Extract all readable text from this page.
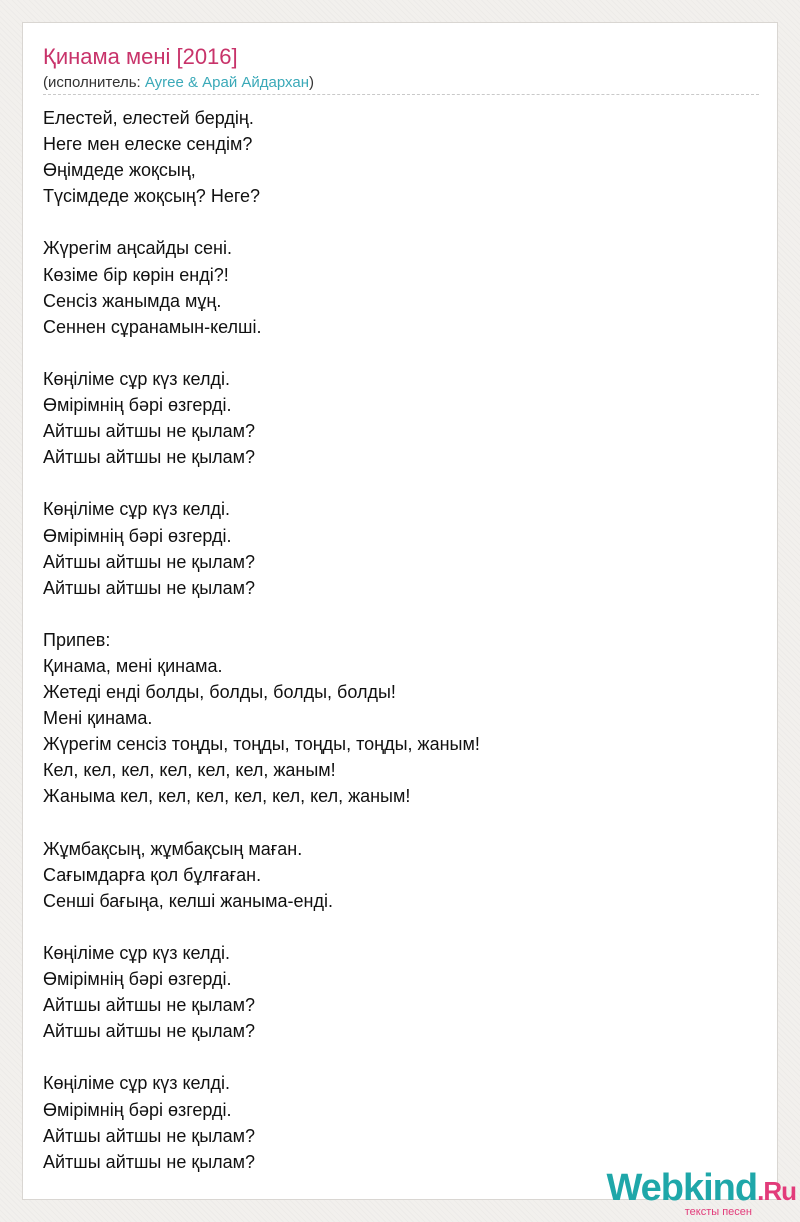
Қинама мені [2016]
(исполнитель: Ayree & Арай Айдархан)
Елестей, елестей бердің.
Неге мен елеске сендім?
Өңімдеде жоқсың,
Түсімдеде жоқсың? Неге?
Жүрегім аңсайды сені.
Көзіме бір көрін енді?!
Сенсіз жанымда мұң.
Сеннен сұранамын-келші.
Көңіліме сұр күз келді.
Өмірімнің бәрі өзгерді.
Айтшы айтшы не қылам?
Айтшы айтшы не қылам?
Көңіліме сұр күз келді.
Өмірімнің бәрі өзгерді.
Айтшы айтшы не қылам?
Айтшы айтшы не қылам?
Припев:
Қинама, мені қинама.
Жетеді енді болды, болды, болды, болды!
Мені қинама.
Жүрегім сенсіз тоңды, тоңды, тоңды, тоңды, жаным!
Кел, кел, кел, кел, кел, кел, жаным!
Жаныма кел, кел, кел, кел, кел, кел, жаным!
Жұмбақсың, жұмбақсың маған.
Сағымдарға қол бұлғаған.
Сенші бағыңа, келші жаныма-енді.
Көңіліме сұр күз келді.
Өмірімнің бәрі өзгерді.
Айтшы айтшы не қылам?
Айтшы айтшы не қылам?
Көңіліме сұр күз келді.
Өмірімнің бәрі өзгерді.
Айтшы айтшы не қылам?
Айтшы айтшы не қылам?
Webkind.Ru
тексты песен
